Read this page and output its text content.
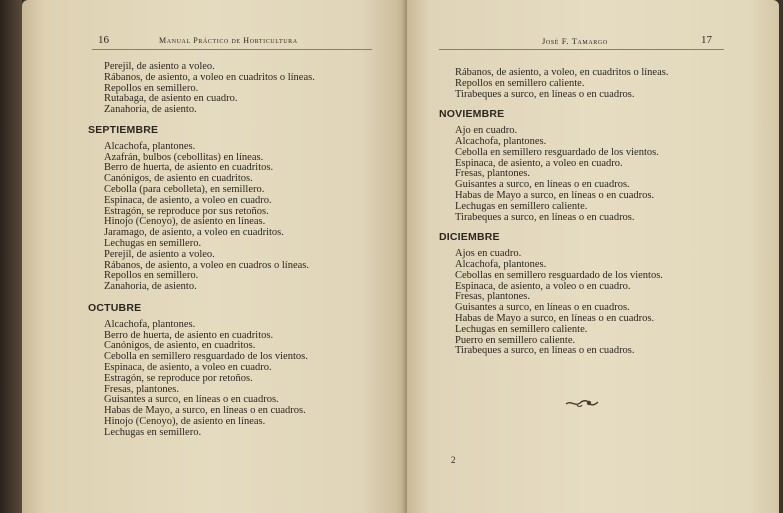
16	Manual Práctico de Horticultura
Perejil, de asiento a voleo.
Rábanos, de asiento, a voleo en cuadritos o líneas.
Repollos en semillero.
Rutabaga, de asiento en cuadro.
Zanahoria, de asiento.
SEPTIEMBRE
Alcachofa, plantones.
Azafrán, bulbos (cebollitas) en líneas.
Berro de huerta, de asiento en cuadritos.
Canónigos, de asiento en cuadritos.
Cebolla (para cebolleta), en semillero.
Espinaca, de asiento, a voleo en cuadro.
Estragón, se reproduce por sus retoños.
Hinojo (Cenoyo), de asiento en líneas.
Jaramago, de asiento, a voleo en cuadritos.
Lechugas en semillero.
Perejil, de asiento a voleo.
Rábanos, de asiento, a voleo en cuadros o líneas.
Repollos en semillero.
Zanahoria, de asiento.
OCTUBRE
Alcachofa, plantones.
Berro de huerta, de asiento en cuadritos.
Canónigos, de asiento, en cuadritos.
Cebolla en semillero resguardado de los vientos.
Espinaca, de asiento, a voleo en cuadro.
Estragón, se reproduce por retoños.
Fresas, plantones.
Guisantes a surco, en líneas o en cuadros.
Habas de Mayo, a surco, en líneas o en cuadros.
Hinojo (Cenoyo), de asiento en líneas.
Lechugas en semillero.
José F. Tamargo	17
Rábanos, de asiento, a voleo, en cuadritos o líneas.
Repollos en semillero caliente.
Tirabeques a surco, en líneas o en cuadros.
NOVIEMBRE
Ajo en cuadro.
Alcachofa, plantones.
Cebolla en semillero resguardado de los vientos.
Espinaca, de asiento, a voleo en cuadro.
Fresas, plantones.
Guisantes a surco, en líneas o en cuadros.
Habas de Mayo a surco, en líneas o en cuadros.
Lechugas en semillero caliente.
Tirabeques a surco, en líneas o en cuadros.
DICIEMBRE
Ajos en cuadro.
Alcachofa, plantones.
Cebollas en semillero resguardado de los vientos.
Espinaca, de asiento, a voleo o en cuadro.
Fresas, plantones.
Guisantes a surco, en líneas o en cuadros.
Habas de Mayo a surco, en líneas o en cuadros.
Lechugas en semillero caliente.
Puerro en semillero caliente.
Tirabeques a surco, en líneas o en cuadros.
2
